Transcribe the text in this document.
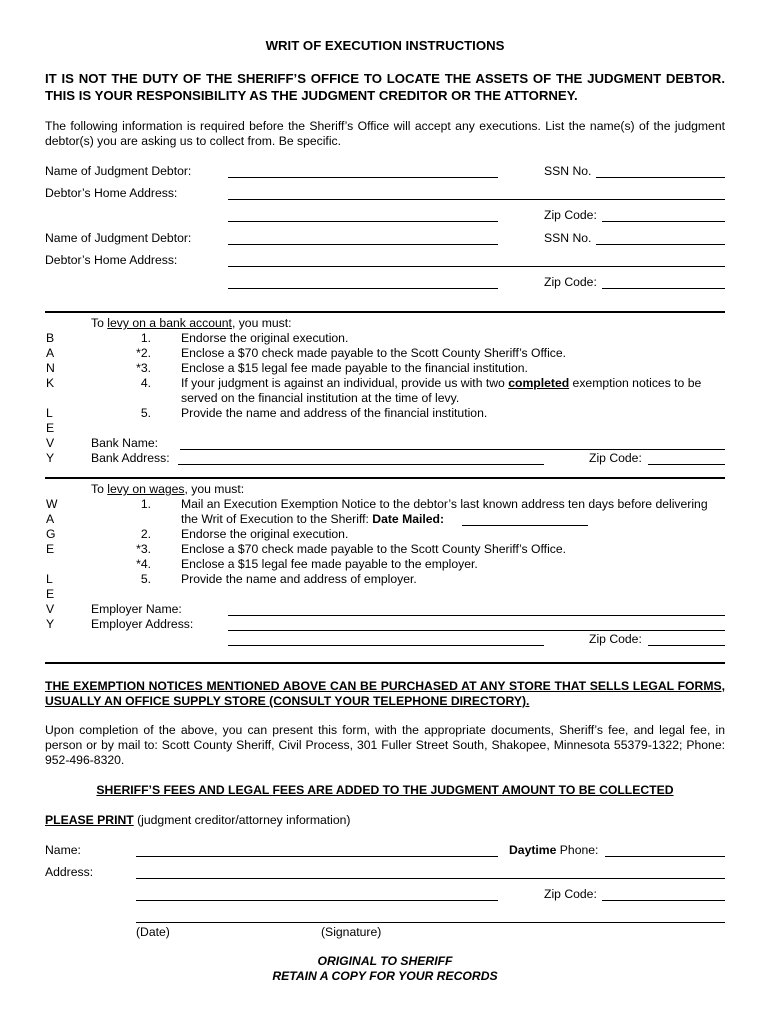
WRIT OF EXECUTION INSTRUCTIONS
IT IS NOT THE DUTY OF THE SHERIFF’S OFFICE TO LOCATE THE ASSETS OF THE JUDGMENT DEBTOR. THIS IS YOUR RESPONSIBILITY AS THE JUDGMENT CREDITOR OR THE ATTORNEY.
The following information is required before the Sheriff’s Office will accept any executions. List the name(s) of the judgment debtor(s) you are asking us to collect from. Be specific.
Name of Judgment Debtor:	SSN No.
Debtor’s Home Address:
Zip Code:
Name of Judgment Debtor:	SSN No.
Debtor’s Home Address:
Zip Code:
B
A
N
K
L
E
V
Y
To levy on a bank account, you must:
1. Endorse the original execution.
*2. Enclose a $70 check made payable to the Scott County Sheriff’s Office.
*3. Enclose a $15 legal fee made payable to the financial institution.
4. If your judgment is against an individual, provide us with two completed exemption notices to be
served on the financial institution at the time of levy.
5. Provide the name and address of the financial institution.
Bank Name:
Bank Address:	Zip Code:
W
A
G
E
L
E
V
Y
To levy on wages, you must:
1. Mail an Execution Exemption Notice to the debtor’s last known address ten days before delivering
the Writ of Execution to the Sheriff: Date Mailed:
2. Endorse the original execution.
*3. Enclose a $70 check made payable to the Scott County Sheriff’s Office.
*4. Enclose a $15 legal fee made payable to the employer.
5. Provide the name and address of employer.
Employer Name:
Employer Address:
Zip Code:
THE EXEMPTION NOTICES MENTIONED ABOVE CAN BE PURCHASED AT ANY STORE THAT SELLS LEGAL FORMS, USUALLY AN OFFICE SUPPLY STORE (CONSULT YOUR TELEPHONE DIRECTORY).
Upon completion of the above, you can present this form, with the appropriate documents, Sheriff’s fee, and legal fee, in person or by mail to: Scott County Sheriff, Civil Process, 301 Fuller Street South, Shakopee, Minnesota 55379-1322; Phone: 952-496-8320.
SHERIFF’S FEES AND LEGAL FEES ARE ADDED TO THE JUDGMENT AMOUNT TO BE COLLECTED
PLEASE PRINT (judgment creditor/attorney information)
Name:	Daytime Phone:
Address:
Zip Code:
(Date)	(Signature)
ORIGINAL TO SHERIFF
RETAIN A COPY FOR YOUR RECORDS
